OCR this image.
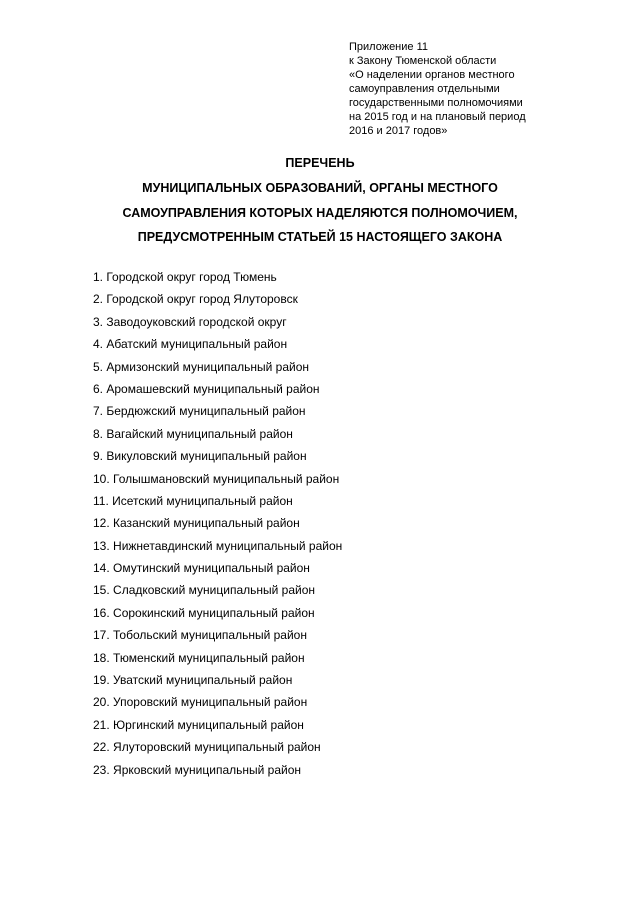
Приложение 11
к Закону Тюменской области
«О наделении органов местного
самоуправления отдельными
государственными полномочиями
на 2015 год и на плановый период
2016 и 2017 годов»
ПЕРЕЧЕНЬ
МУНИЦИПАЛЬНЫХ ОБРАЗОВАНИЙ, ОРГАНЫ МЕСТНОГО
САМОУПРАВЛЕНИЯ КОТОРЫХ НАДЕЛЯЮТСЯ ПОЛНОМОЧИЕМ,
ПРЕДУСМОТРЕННЫМ СТАТЬЕЙ 15 НАСТОЯЩЕГО ЗАКОНА
1. Городской округ город Тюмень
2. Городской округ город Ялуторовск
3. Заводоуковский городской округ
4. Абатский муниципальный район
5. Армизонский муниципальный район
6. Аромашевский муниципальный район
7. Бердюжский муниципальный район
8. Вагайский муниципальный район
9. Викуловский муниципальный район
10. Голышмановский муниципальный район
11. Исетский муниципальный район
12. Казанский муниципальный район
13. Нижнетавдинский муниципальный район
14. Омутинский муниципальный район
15. Сладковский муниципальный район
16. Сорокинский муниципальный район
17. Тобольский муниципальный район
18. Тюменский муниципальный район
19. Уватский муниципальный район
20. Упоровский муниципальный район
21. Юргинский муниципальный район
22. Ялуторовский муниципальный район
23. Ярковский муниципальный район
